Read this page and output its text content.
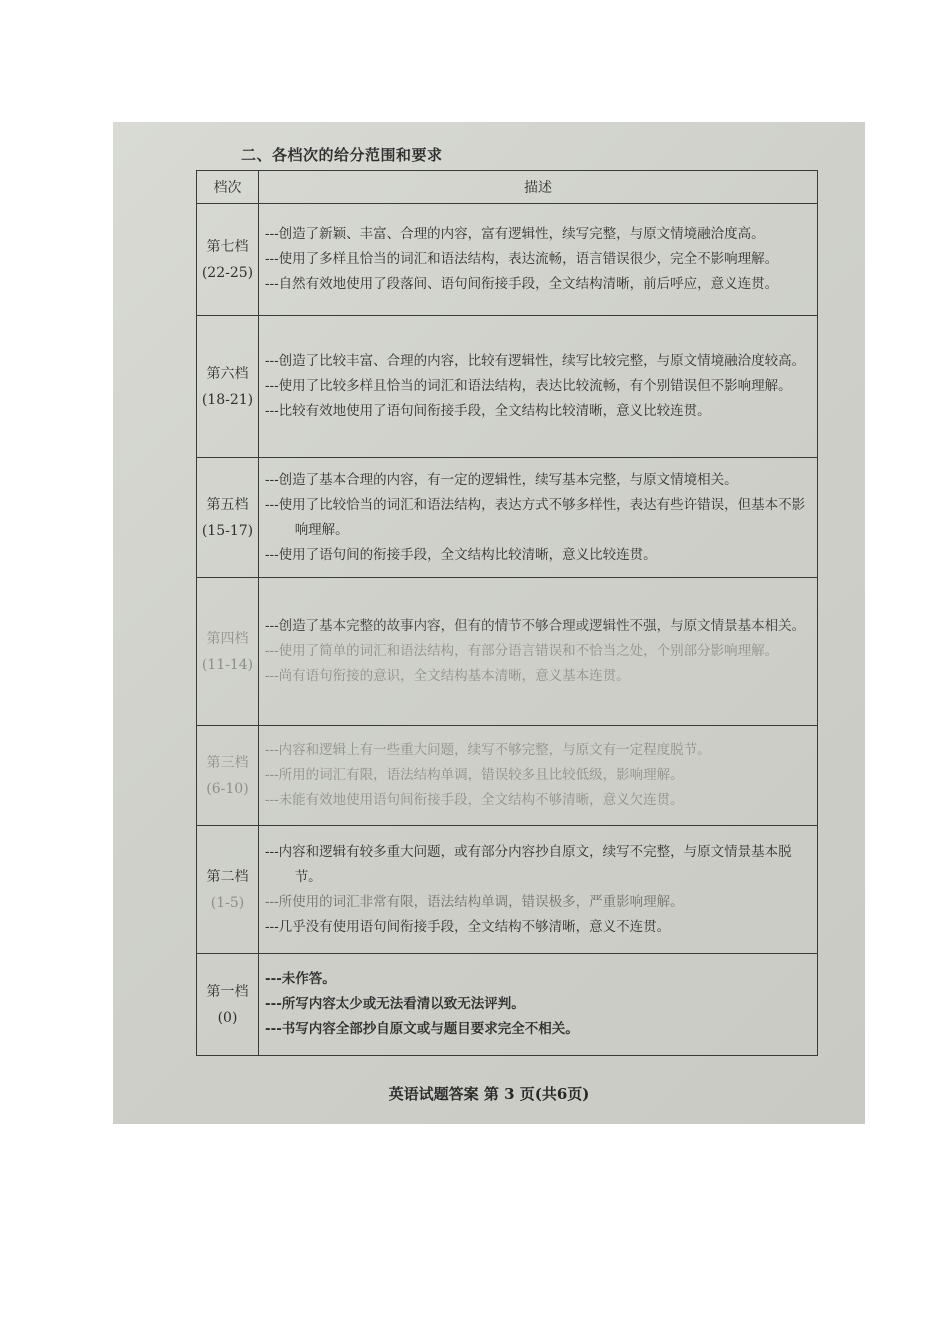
二、各档次的给分范围和要求
档次	描述
第七档
(22-25)	---创造了新颖、丰富、合理的内容，富有逻辑性，续写完整，与原文情境融洽度高。
---使用了多样且恰当的词汇和语法结构，表达流畅，语言错误很少，完全不影响理解。
---自然有效地使用了段落间、语句间衔接手段，全文结构清晰，前后呼应，意义连贯。

第六档
(18-21)	---创造了比较丰富、合理的内容，比较有逻辑性，续写比较完整，与原文情境融洽度较高。
---使用了比较多样且恰当的词汇和语法结构，表达比较流畅，有个别错误但不影响理解。
---比较有效地使用了语句间衔接手段，全文结构比较清晰，意义比较连贯。

第五档
(15-17)	---创造了基本合理的内容，有一定的逻辑性，续写基本完整，与原文情境相关。
---使用了比较恰当的词汇和语法结构，表达方式不够多样性，表达有些许错误，但基本不影响理解。
---使用了语句间的衔接手段，全文结构比较清晰，意义比较连贯。

第四档
(11-14)	---创造了基本完整的故事内容，但有的情节不够合理或逻辑性不强，与原文情景基本相关。
---使用了简单的词汇和语法结构，有部分语言错误和不恰当之处，个别部分影响理解。
---尚有语句衔接的意识，全文结构基本清晰，意义基本连贯。

第三档
(6-10)	---内容和逻辑上有一些重大问题，续写不够完整，与原文有一定程度脱节。
---所用的词汇有限，语法结构单调，错误较多且比较低级，影响理解。
---未能有效地使用语句间衔接手段，全文结构不够清晰，意义欠连贯。

第二档
(1-5)	---内容和逻辑有较多重大问题，或有部分内容抄自原文，续写不完整，与原文情景基本脱节。
---所使用的词汇非常有限，语法结构单调，错误极多，严重影响理解。
---几乎没有使用语句间衔接手段，全文结构不够清晰，意义不连贯。

第一档
(0)	---未作答。
---所写内容太少或无法看清以致无法评判。
---书写内容全部抄自原文或与题目要求完全不相关。
英语试题答案 第 3 页(共6页)
